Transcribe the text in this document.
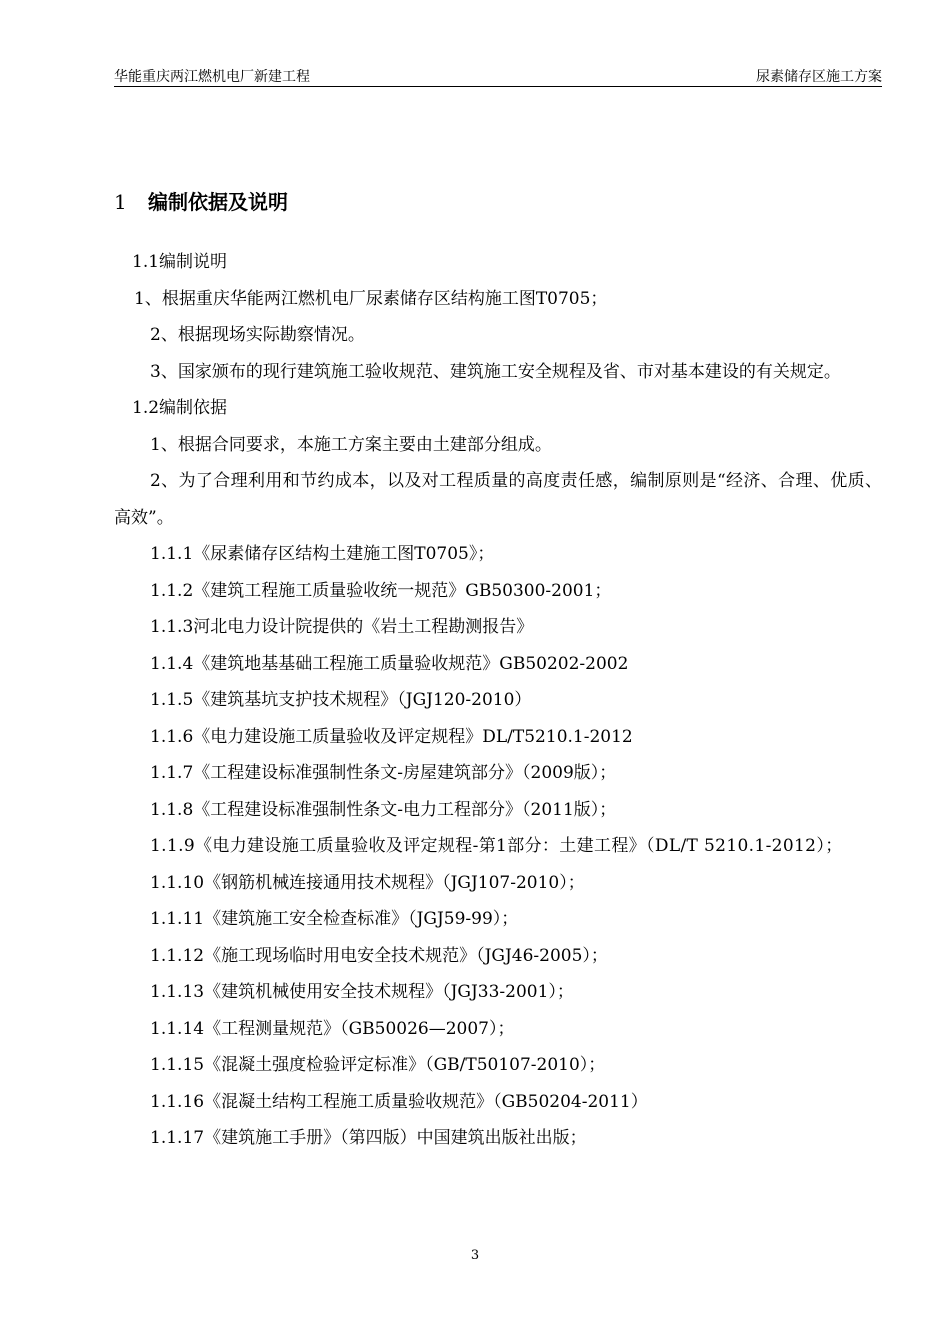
华能重庆两江燃机电厂新建工程	尿素储存区施工方案
1 编制依据及说明

1.1编制说明

1、根据重庆华能两江燃机电厂尿素储存区结构施工图T0705；

2、根据现场实际勘察情况。

3、国家颁布的现行建筑施工验收规范、建筑施工安全规程及省、市对基本建设的有关规定。

1.2编制依据

1、根据合同要求，本施工方案主要由土建部分组成。

2、为了合理利用和节约成本，以及对工程质量的高度责任感，编制原则是“经济、合理、优质、高效”。

1.1.1《尿素储存区结构土建施工图T0705》；

1.1.2《建筑工程施工质量验收统一规范》GB50300-2001；

1.1.3河北电力设计院提供的《岩土工程勘测报告》

1.1.4《建筑地基基础工程施工质量验收规范》GB50202-2002

1.1.5《建筑基坑支护技术规程》（JGJ120-2010）

1.1.6《电力建设施工质量验收及评定规程》DL/T5210.1-2012

1.1.7《工程建设标准强制性条文-房屋建筑部分》（2009版）；

1.1.8《工程建设标准强制性条文-电力工程部分》（2011版）；

1.1.9《电力建设施工质量验收及评定规程-第1部分：土建工程》（DL/T 5210.1-2012）；

1.1.10《钢筋机械连接通用技术规程》（JGJ107-2010）；

1.1.11《建筑施工安全检查标准》（JGJ59-99）；

1.1.12《施工现场临时用电安全技术规范》（JGJ46-2005）；

1.1.13《建筑机械使用安全技术规程》（JGJ33-2001）；

1.1.14《工程测量规范》（GB50026—2007）；

1.1.15《混凝土强度检验评定标准》（GB/T50107-2010）；

1.1.16《混凝土结构工程施工质量验收规范》（GB50204-2011）

1.1.17《建筑施工手册》（第四版）中国建筑出版社出版；

3
